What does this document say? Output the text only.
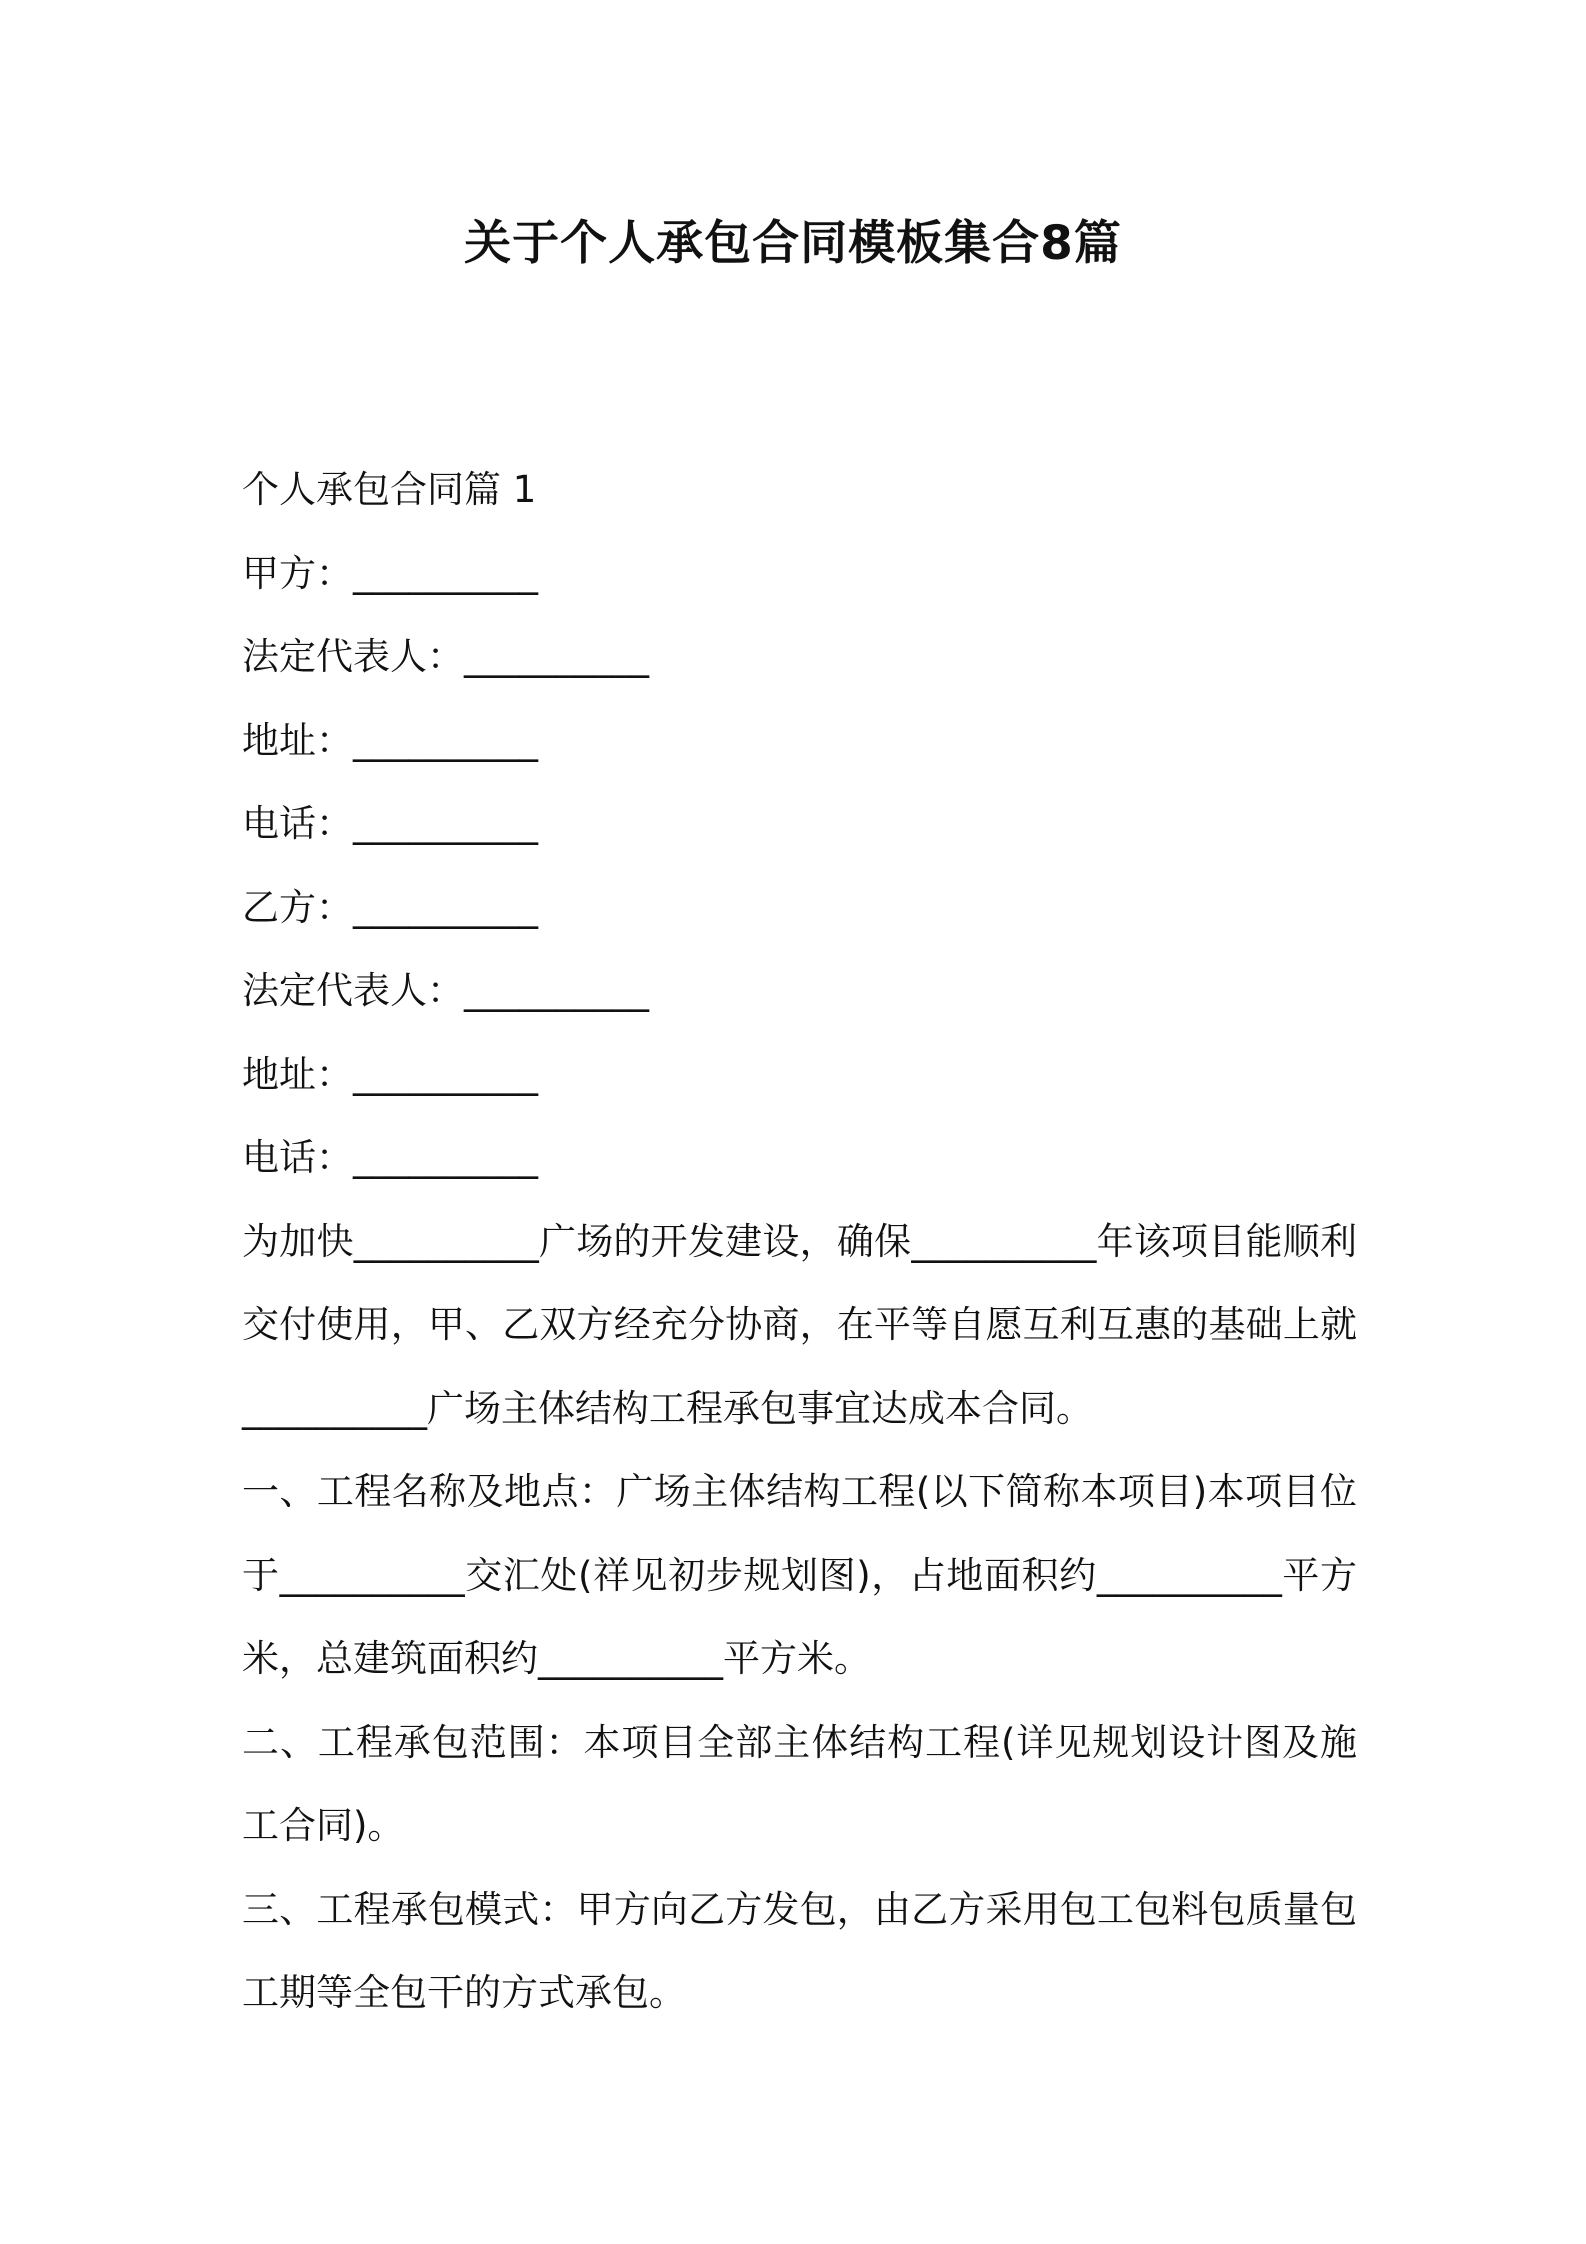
关于个人承包合同模板集合8篇
个人承包合同篇 1
甲方：__________
法定代表人：__________
地址：__________
电话：__________
乙方：__________
法定代表人：__________
地址：__________
电话：__________
为加快__________广场的开发建设，确保__________年该项目能顺利交付使用，甲、乙双方经充分协商，在平等自愿互利互惠的基础上就__________广场主体结构工程承包事宜达成本合同。
一、工程名称及地点：广场主体结构工程(以下简称本项目)本项目位于__________交汇处(祥见初步规划图)，占地面积约__________平方米，总建筑面积约__________平方米。
二、工程承包范围：本项目全部主体结构工程(详见规划设计图及施工合同)。
三、工程承包模式：甲方向乙方发包，由乙方采用包工包料包质量包工期等全包干的方式承包。
